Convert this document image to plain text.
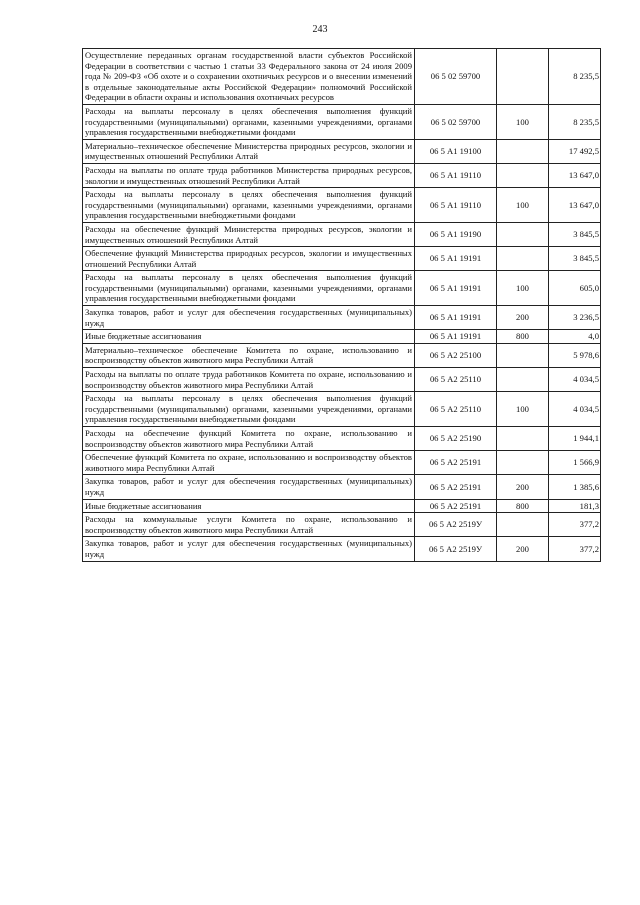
243
Осуществление переданных органам государственной власти субъектов Российской Федерации в соответствии с частью 1 статьи 33 Федерального закона от 24 июля 2009 года № 209-ФЗ «Об охоте и о сохранении охотничьих ресурсов и о внесении изменений в отдельные законодательные акты Российской Федерации» полномочий Российской Федерации в области охраны и использования охотничьих ресурсов	06 5 02 59700		8 235,5
Расходы на выплаты персоналу в целях обеспечения выполнения функций государственными (муниципальными) органами, казенными учреждениями, органами управления государственными внебюджетными фондами	06 5 02 59700	100	8 235,5
Материально–техническое обеспечение Министерства природных ресурсов, экологии и имущественных отношений Республики Алтай	06 5 А1 19100		17 492,5
Расходы на выплаты по оплате труда работников Министерства природных ресурсов, экологии и имущественных отношений Республики Алтай	06 5 А1 19110		13 647,0
Расходы на выплаты персоналу в целях обеспечения выполнения функций государственными (муниципальными) органами, казенными учреждениями, органами управления государственными внебюджетными фондами	06 5 А1 19110	100	13 647,0
Расходы на обеспечение функций Министерства природных ресурсов, экологии и имущественных отношений Республики Алтай	06 5 А1 19190		3 845,5
Обеспечение функций Министерства природных ресурсов, экологии и имущественных отношений Республики Алтай	06 5 А1 19191		3 845,5
Расходы на выплаты персоналу в целях обеспечения выполнения функций государственными (муниципальными) органами, казенными учреждениями, органами управления государственными внебюджетными фондами	06 5 А1 19191	100	605,0
Закупка товаров, работ и услуг для обеспечения государственных (муниципальных) нужд	06 5 А1 19191	200	3 236,5
Иные бюджетные ассигнования	06 5 А1 19191	800	4,0
Материально–техническое обеспечение Комитета по охране, использованию и воспроизводству объектов животного мира Республики Алтай	06 5 А2 25100		5 978,6
Расходы на выплаты по оплате труда работников Комитета по охране, использованию и воспроизводству объектов животного мира Республики Алтай	06 5 А2 25110		4 034,5
Расходы на выплаты персоналу в целях обеспечения выполнения функций государственными (муниципальными) органами, казенными учреждениями, органами управления государственными внебюджетными фондами	06 5 А2 25110	100	4 034,5
Расходы на обеспечение функций Комитета по охране, использованию и воспроизводству объектов животного мира Республики Алтай	06 5 А2 25190		1 944,1
Обеспечение функций Комитета по охране, использованию и воспроизводству объектов животного мира Республики Алтай	06 5 А2 25191		1 566,9
Закупка товаров, работ и услуг для обеспечения государственных (муниципальных) нужд	06 5 А2 25191	200	1 385,6
Иные бюджетные ассигнования	06 5 А2 25191	800	181,3
Расходы на коммунальные услуги Комитета по охране, использованию и воспроизводству объектов животного мира Республики Алтай	06 5 А2 2519У		377,2
Закупка товаров, работ и услуг для обеспечения государственных (муниципальных) нужд	06 5 А2 2519У	200	377,2
